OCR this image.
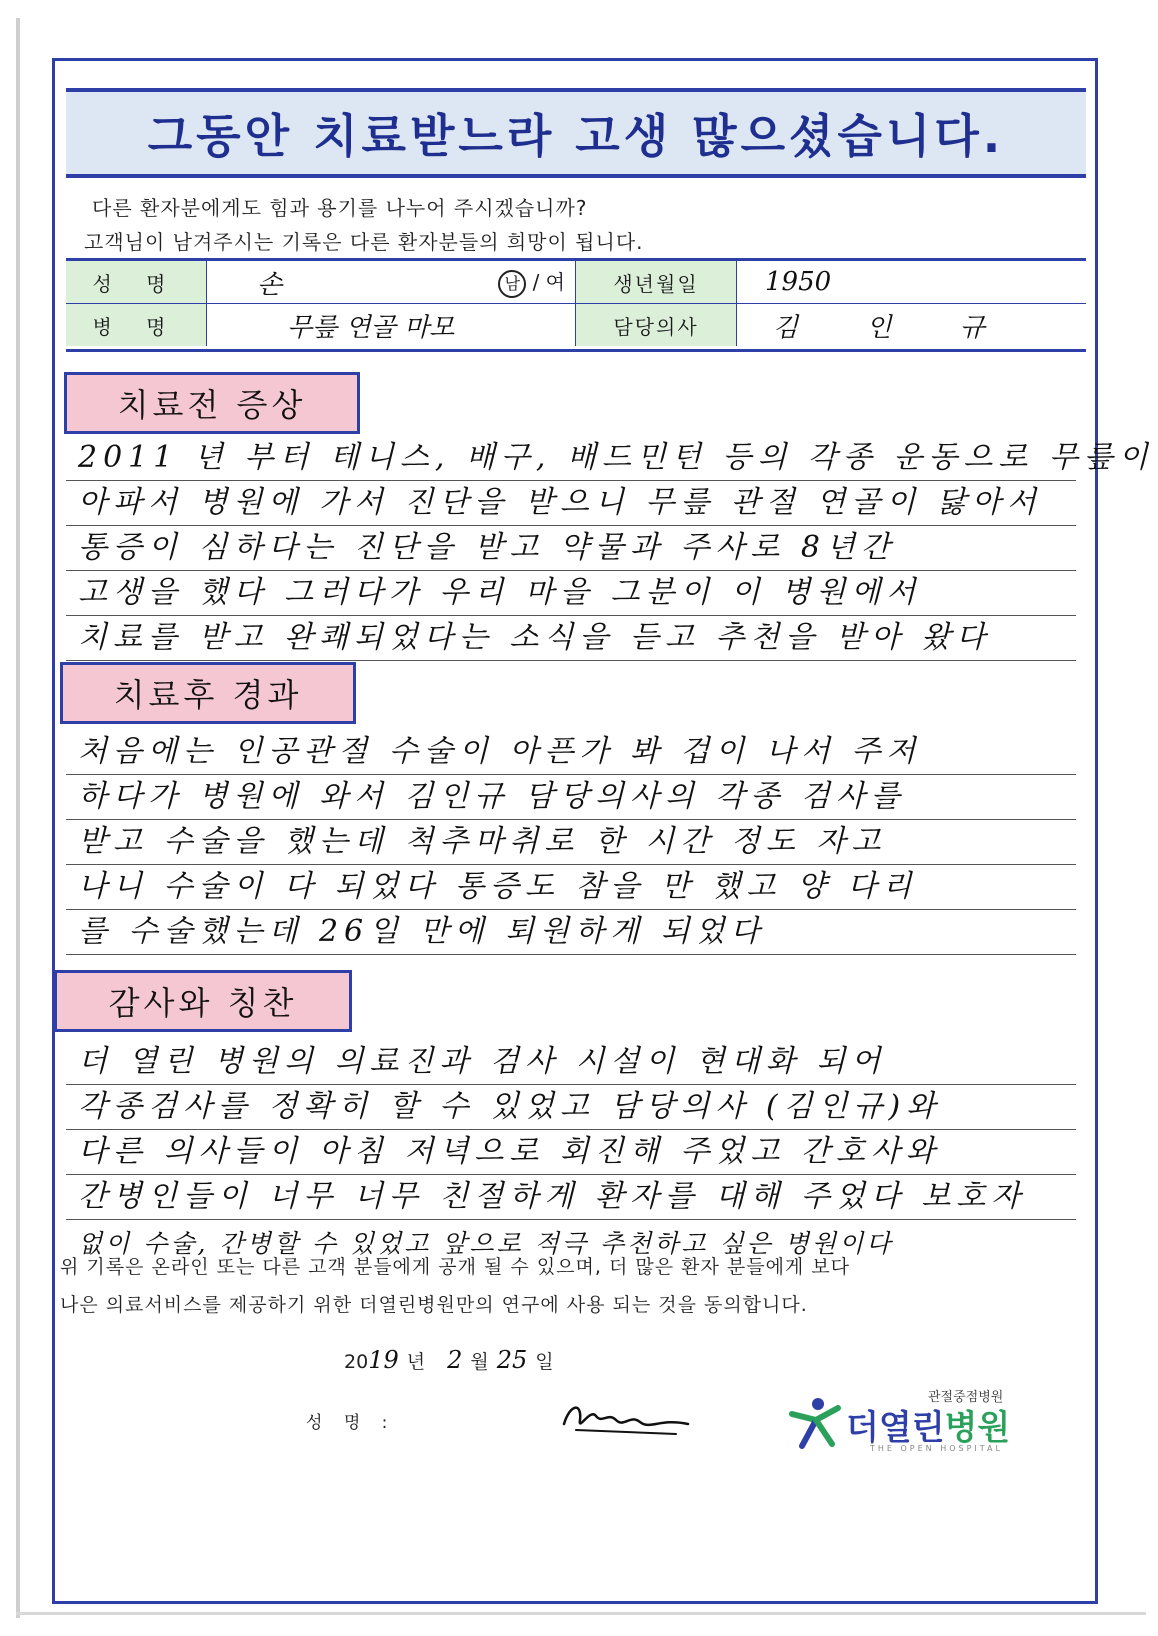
그동안 치료받느라 고생 많으셨습니다.
다른 환자분에게도 힘과 용기를 나누어 주시겠습니까?
고객님이 남겨주시는 기록은 다른 환자분들의 희망이 됩니다.
성 명	손	남 / 여	생년월일	1950
병 명	무릎 연골 마모	담당의사	김 인 규
치료전 증상
2011 년 부터 테니스, 배구, 배드민턴 등의 각종 운동으로 무릎이
아파서 병원에 가서 진단을 받으니 무릎 관절 연골이 닳아서
통증이 심하다는 진단을 받고 약물과 주사로 8년간
고생을 했다 그러다가 우리 마을 그분이 이 병원에서
치료를 받고 완쾌되었다는 소식을 듣고 추천을 받아 왔다
치료후 경과
처음에는 인공관절 수술이 아픈가 봐 겁이 나서 주저
하다가 병원에 와서 김인규 담당의사의 각종 검사를
받고 수술을 했는데 척추마취로 한 시간 정도 자고
나니 수술이 다 되었다 통증도 참을 만 했고 양 다리
를 수술했는데 26일 만에 퇴원하게 되었다
감사와 칭찬
더 열린 병원의 의료진과 검사 시설이 현대화 되어
각종검사를 정확히 할 수 있었고 담당의사 (김인규)와
다른 의사들이 아침 저녁으로 회진해 주었고 간호사와
간병인들이 너무 너무 친절하게 환자를 대해 주었다 보호자
없이 수술, 간병할 수 있었고 앞으로 적극 추천하고 싶은 병원이다
위 기록은 온라인 또는 다른 고객 분들에게 공개 될 수 있으며, 더 많은 환자 분들에게 보다
나은 의료서비스를 제공하기 위한 더열린병원만의 연구에 사용 되는 것을 동의합니다.
20 19 년 2 월 25 일
성 명 :
관절중점병원
더열린병원
THE OPEN HOSPITAL
